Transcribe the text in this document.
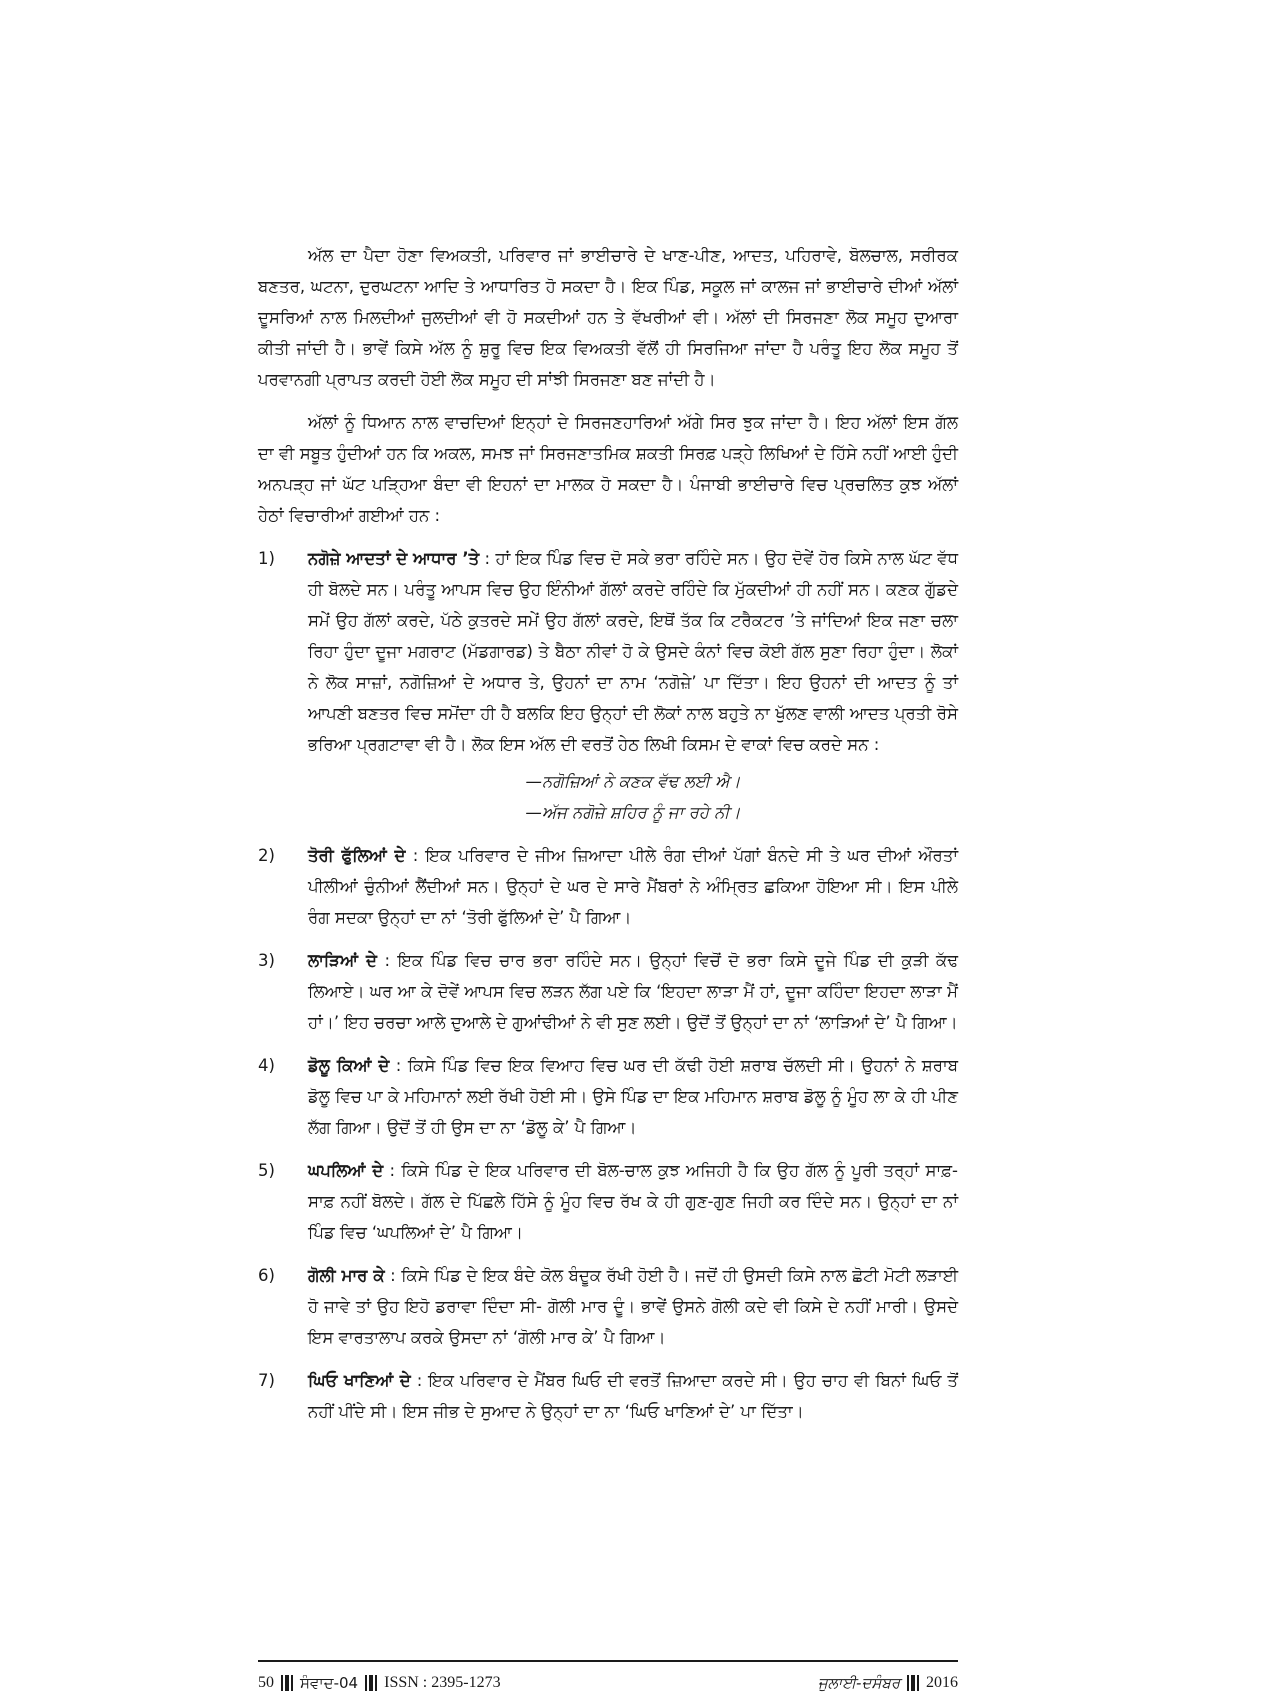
ਅੱਲ ਦਾ ਪੈਦਾ ਹੋਣਾ ਵਿਅਕਤੀ, ਪਰਿਵਾਰ ਜਾਂ ਭਾਈਚਾਰੇ ਦੇ ਖਾਣ-ਪੀਣ, ਆਦਤ, ਪਹਿਰਾਵੇ, ਬੋਲਚਾਲ, ਸਰੀਰਕ ਬਣਤਰ, ਘਟਨਾ, ਦੁਰਘਟਨਾ ਆਦਿ ਤੇ ਆਧਾਰਿਤ ਹੋ ਸਕਦਾ ਹੈ। ਇਕ ਪਿੰਡ, ਸਕੂਲ ਜਾਂ ਕਾਲਜ ਜਾਂ ਭਾਈਚਾਰੇ ਦੀਆਂ ਅੱਲਾਂ ਦੂਸਰਿਆਂ ਨਾਲ ਮਿਲਦੀਆਂ ਜੁਲਦੀਆਂ ਵੀ ਹੋ ਸਕਦੀਆਂ ਹਨ ਤੇ ਵੱਖਰੀਆਂ ਵੀ। ਅੱਲਾਂ ਦੀ ਸਿਰਜਣਾ ਲੋਕ ਸਮੂਹ ਦੁਆਰਾ ਕੀਤੀ ਜਾਂਦੀ ਹੈ। ਭਾਵੇਂ ਕਿਸੇ ਅੱਲ ਨੂੰ ਸ਼ੁਰੂ ਵਿਚ ਇਕ ਵਿਅਕਤੀ ਵੱਲੋਂ ਹੀ ਸਿਰਜਿਆ ਜਾਂਦਾ ਹੈ ਪਰੰਤੂ ਇਹ ਲੋਕ ਸਮੂਹ ਤੋਂ ਪਰਵਾਨਗੀ ਪ੍ਰਾਪਤ ਕਰਦੀ ਹੋਈ ਲੋਕ ਸਮੂਹ ਦੀ ਸਾਂਝੀ ਸਿਰਜਣਾ ਬਣ ਜਾਂਦੀ ਹੈ।

ਅੱਲਾਂ ਨੂੰ ਧਿਆਨ ਨਾਲ ਵਾਚਦਿਆਂ ਇਨ੍ਹਾਂ ਦੇ ਸਿਰਜਣਹਾਰਿਆਂ ਅੱਗੇ ਸਿਰ ਝੁਕ ਜਾਂਦਾ ਹੈ। ਇਹ ਅੱਲਾਂ ਇਸ ਗੱਲ ਦਾ ਵੀ ਸਬੂਤ ਹੁੰਦੀਆਂ ਹਨ ਕਿ ਅਕਲ, ਸਮਝ ਜਾਂ ਸਿਰਜਣਾਤਮਿਕ ਸ਼ਕਤੀ ਸਿਰਫ਼ ਪੜ੍ਹੇ ਲਿਖਿਆਂ ਦੇ ਹਿੱਸੇ ਨਹੀਂ ਆਈ ਹੁੰਦੀ ਅਨਪੜ੍ਹ ਜਾਂ ਘੱਟ ਪੜ੍ਹਿਆ ਬੰਦਾ ਵੀ ਇਹਨਾਂ ਦਾ ਮਾਲਕ ਹੋ ਸਕਦਾ ਹੈ। ਪੰਜਾਬੀ ਭਾਈਚਾਰੇ ਵਿਚ ਪ੍ਰਚਲਿਤ ਕੁਝ ਅੱਲਾਂ ਹੇਠਾਂ ਵਿਚਾਰੀਆਂ ਗਈਆਂ ਹਨ :

1)	ਨਗੋਜ਼ੇ ਆਦਤਾਂ ਦੇ ਆਧਾਰ ’ਤੇ : ਹਾਂ ਇਕ ਪਿੰਡ ਵਿਚ ਦੋ ਸਕੇ ਭਰਾ ਰਹਿੰਦੇ ਸਨ। ਉਹ ਦੋਵੇਂ ਹੋਰ ਕਿਸੇ ਨਾਲ ਘੱਟ ਵੱਧ ਹੀ ਬੋਲਦੇ ਸਨ। ਪਰੰਤੂ ਆਪਸ ਵਿਚ ਉਹ ਇੰਨੀਆਂ ਗੱਲਾਂ ਕਰਦੇ ਰਹਿੰਦੇ ਕਿ ਮੁੱਕਦੀਆਂ ਹੀ ਨਹੀਂ ਸਨ। ਕਣਕ ਗੁੱਡਦੇ ਸਮੇਂ ਉਹ ਗੱਲਾਂ ਕਰਦੇ, ਪੱਠੇ ਕੁਤਰਦੇ ਸਮੇਂ ਉਹ ਗੱਲਾਂ ਕਰਦੇ, ਇਥੋਂ ਤੱਕ ਕਿ ਟਰੈਕਟਰ ’ਤੇ ਜਾਂਦਿਆਂ ਇਕ ਜਣਾ ਚਲਾ ਰਿਹਾ ਹੁੰਦਾ ਦੂਜਾ ਮਗਰਾਟ (ਮੱਡਗਾਰਡ) ਤੇ ਬੈਠਾ ਨੀਵਾਂ ਹੋ ਕੇ ਉਸਦੇ ਕੰਨਾਂ ਵਿਚ ਕੋਈ ਗੱਲ ਸੁਣਾ ਰਿਹਾ ਹੁੰਦਾ। ਲੋਕਾਂ ਨੇ ਲੋਕ ਸਾਜ਼ਾਂ, ਨਗੋਜ਼ਿਆਂ ਦੇ ਅਧਾਰ ਤੇ, ਉਹਨਾਂ ਦਾ ਨਾਮ ‘ਨਗੋਜ਼ੇ’ ਪਾ ਦਿੱਤਾ। ਇਹ ਉਹਨਾਂ ਦੀ ਆਦਤ ਨੂੰ ਤਾਂ ਆਪਣੀ ਬਣਤਰ ਵਿਚ ਸਮੋਂਦਾ ਹੀ ਹੈ ਬਲਕਿ ਇਹ ਉਨ੍ਹਾਂ ਦੀ ਲੋਕਾਂ ਨਾਲ ਬਹੁਤੇ ਨਾ ਖੁੱਲਣ ਵਾਲੀ ਆਦਤ ਪ੍ਰਤੀ ਰੋਸੇ ਭਰਿਆ ਪ੍ਰਗਟਾਵਾ ਵੀ ਹੈ। ਲੋਕ ਇਸ ਅੱਲ ਦੀ ਵਰਤੋਂ ਹੇਠ ਲਿਖੀ ਕਿਸਮ ਦੇ ਵਾਕਾਂ ਵਿਚ ਕਰਦੇ ਸਨ :

—ਨਗੋਜ਼ਿਆਂ ਨੇ ਕਣਕ ਵੱਢ ਲਈ ਐ।
—ਅੱਜ ਨਗੋਜ਼ੇ ਸ਼ਹਿਰ ਨੂੰ ਜਾ ਰਹੇ ਨੀ।
2)	ਤੋਰੀ ਫੁੱਲਿਆਂ ਦੇ : ਇਕ ਪਰਿਵਾਰ ਦੇ ਜੀਅ ਜ਼ਿਆਦਾ ਪੀਲੇ ਰੰਗ ਦੀਆਂ ਪੱਗਾਂ ਬੰਨਦੇ ਸੀ ਤੇ ਘਰ ਦੀਆਂ ਔਰਤਾਂ ਪੀਲੀਆਂ ਚੁੰਨੀਆਂ ਲੈਂਦੀਆਂ ਸਨ। ਉਨ੍ਹਾਂ ਦੇ ਘਰ ਦੇ ਸਾਰੇ ਮੈਂਬਰਾਂ ਨੇ ਅੰਮ੍ਰਿਤ ਛਕਿਆ ਹੋਇਆ ਸੀ। ਇਸ ਪੀਲੇ ਰੰਗ ਸਦਕਾ ਉਨ੍ਹਾਂ ਦਾ ਨਾਂ ‘ਤੋਰੀ ਫੁੱਲਿਆਂ ਦੇ’ ਪੈ ਗਿਆ।

3)	ਲਾੜਿਆਂ ਦੇ : ਇਕ ਪਿੰਡ ਵਿਚ ਚਾਰ ਭਰਾ ਰਹਿੰਦੇ ਸਨ। ਉਨ੍ਹਾਂ ਵਿਚੋਂ ਦੋ ਭਰਾ ਕਿਸੇ ਦੂਜੇ ਪਿੰਡ ਦੀ ਕੁੜੀ ਕੱਢ ਲਿਆਏ। ਘਰ ਆ ਕੇ ਦੋਵੇਂ ਆਪਸ ਵਿਚ ਲੜਨ ਲੱਗ ਪਏ ਕਿ ‘ਇਹਦਾ ਲਾੜਾ ਮੈਂ ਹਾਂ, ਦੂਜਾ ਕਹਿੰਦਾ ਇਹਦਾ ਲਾੜਾ ਮੈਂ ਹਾਂ।’ ਇਹ ਚਰਚਾ ਆਲੇ ਦੁਆਲੇ ਦੇ ਗੁਆਂਢੀਆਂ ਨੇ ਵੀ ਸੁਣ ਲਈ। ਉਦੋਂ ਤੋਂ ਉਨ੍ਹਾਂ ਦਾ ਨਾਂ ‘ਲਾੜਿਆਂ ਦੇ’ ਪੈ ਗਿਆ।

4)	ਡੋਲੂ ਕਿਆਂ ਦੇ : ਕਿਸੇ ਪਿੰਡ ਵਿਚ ਇਕ ਵਿਆਹ ਵਿਚ ਘਰ ਦੀ ਕੱਢੀ ਹੋਈ ਸ਼ਰਾਬ ਚੱਲਦੀ ਸੀ। ਉਹਨਾਂ ਨੇ ਸ਼ਰਾਬ ਡੋਲੂ ਵਿਚ ਪਾ ਕੇ ਮਹਿਮਾਨਾਂ ਲਈ ਰੱਖੀ ਹੋਈ ਸੀ। ਉਸੇ ਪਿੰਡ ਦਾ ਇਕ ਮਹਿਮਾਨ ਸ਼ਰਾਬ ਡੋਲੂ ਨੂੰ ਮੂੰਹ ਲਾ ਕੇ ਹੀ ਪੀਣ ਲੱਗ ਗਿਆ। ਉਦੋਂ ਤੋਂ ਹੀ ਉਸ ਦਾ ਨਾ ‘ਡੋਲੂ ਕੇ’ ਪੈ ਗਿਆ।

5)	ਘਪਲਿਆਂ ਦੇ : ਕਿਸੇ ਪਿੰਡ ਦੇ ਇਕ ਪਰਿਵਾਰ ਦੀ ਬੋਲ-ਚਾਲ ਕੁਝ ਅਜਿਹੀ ਹੈ ਕਿ ਉਹ ਗੱਲ ਨੂੰ ਪੂਰੀ ਤਰ੍ਹਾਂ ਸਾਫ਼-ਸਾਫ਼ ਨਹੀਂ ਬੋਲਦੇ। ਗੱਲ ਦੇ ਪਿੱਛਲੇ ਹਿੱਸੇ ਨੂੰ ਮੂੰਹ ਵਿਚ ਰੱਖ ਕੇ ਹੀ ਗੁਣ-ਗੁਣ ਜਿਹੀ ਕਰ ਦਿੰਦੇ ਸਨ। ਉਨ੍ਹਾਂ ਦਾ ਨਾਂ ਪਿੰਡ ਵਿਚ ‘ਘਪਲਿਆਂ ਦੇ’ ਪੈ ਗਿਆ।

6)	ਗੋਲੀ ਮਾਰ ਕੇ : ਕਿਸੇ ਪਿੰਡ ਦੇ ਇਕ ਬੰਦੇ ਕੋਲ ਬੰਦੂਕ ਰੱਖੀ ਹੋਈ ਹੈ। ਜਦੋਂ ਹੀ ਉਸਦੀ ਕਿਸੇ ਨਾਲ ਛੋਟੀ ਮੋਟੀ ਲੜਾਈ ਹੋ ਜਾਵੇ ਤਾਂ ਉਹ ਇਹੋ ਡਰਾਵਾ ਦਿੰਦਾ ਸੀ- ਗੋਲੀ ਮਾਰ ਦੂੰ। ਭਾਵੇਂ ਉਸਨੇ ਗੋਲੀ ਕਦੇ ਵੀ ਕਿਸੇ ਦੇ ਨਹੀਂ ਮਾਰੀ। ਉਸਦੇ ਇਸ ਵਾਰਤਾਲਾਪ ਕਰਕੇ ਉਸਦਾ ਨਾਂ ‘ਗੋਲੀ ਮਾਰ ਕੇ’ ਪੈ ਗਿਆ।

7)	ਘਿਓ ਖਾਣਿਆਂ ਦੇ : ਇਕ ਪਰਿਵਾਰ ਦੇ ਮੈਂਬਰ ਘਿਓ ਦੀ ਵਰਤੋਂ ਜ਼ਿਆਦਾ ਕਰਦੇ ਸੀ। ਉਹ ਚਾਹ ਵੀ ਬਿਨਾਂ ਘਿਓ ਤੋਂ ਨਹੀਂ ਪੀਂਦੇ ਸੀ। ਇਸ ਜੀਭ ਦੇ ਸੁਆਦ ਨੇ ਉਨ੍ਹਾਂ ਦਾ ਨਾ ‘ਘਿਓ ਖਾਣਿਆਂ ਦੇ’ ਪਾ ਦਿੱਤਾ।

50 ਸੰਵਾਦ-04 ISSN : 2395-1273	ਜੁਲਾਈ-ਦਸੰਬਰ 2016
